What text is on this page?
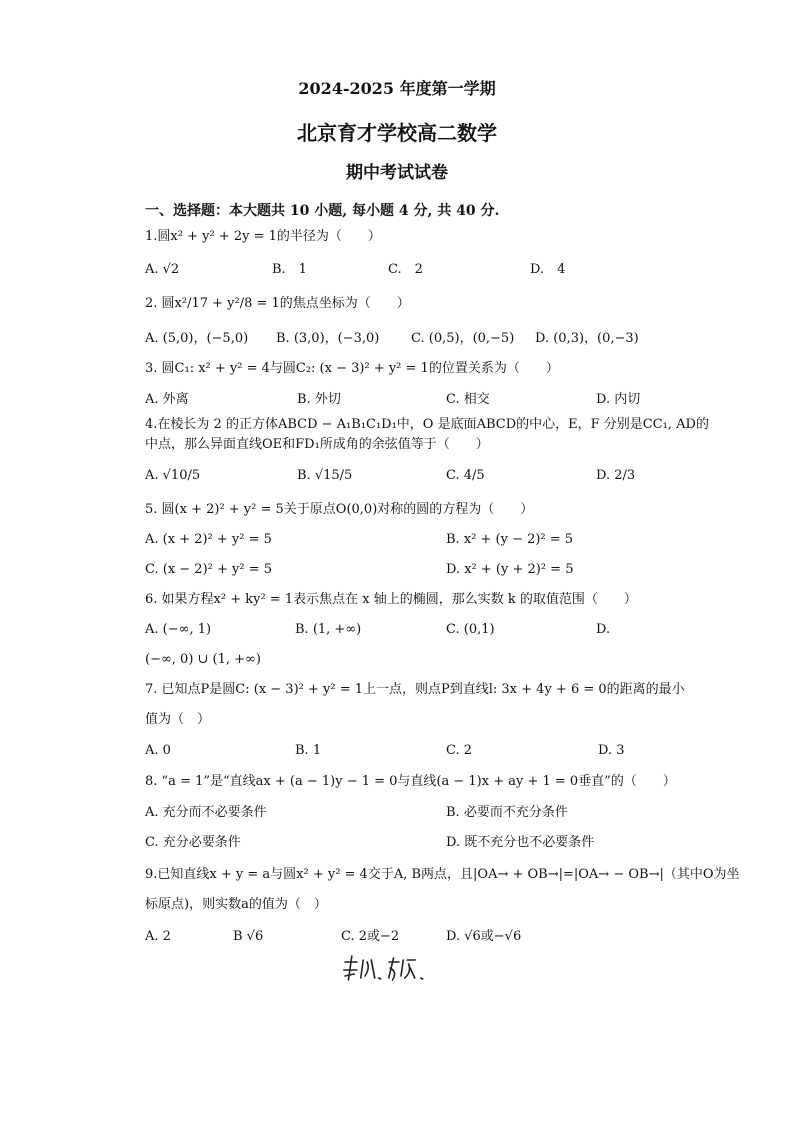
2024-2025 年度第一学期
北京育才学校高二数学
期中考试试卷
一、选择题：本大题共 10 小题, 每小题 4 分, 共 40 分.
1.圆x² + y² + 2y = 1的半径为（　　）
A. √2	B.　1	C.　2	D.　4
2. 圆x²/17 + y²/8 = 1的焦点坐标为（　　）
A. (5,0)，(−5,0) B. (3,0)，(−3,0) C. (0,5)，(0,−5) D. (0,3)，(0,−3)
3. 圆C₁: x² + y² = 4与圆C₂: (x − 3)² + y² = 1的位置关系为（　　）
A. 外离	B. 外切	C. 相交	D. 内切
4.在棱长为 2 的正方体ABCD − A₁B₁C₁D₁中，O 是底面ABCD的中心，E，F 分别是CC₁, AD的
中点，那么异面直线OE和FD₁所成角的余弦值等于（　　）
A. √10/5	B. √15/5	C. 4/5	D. 2/3
5. 圆(x + 2)² + y² = 5关于原点O(0,0)对称的圆的方程为（　　）
A. (x + 2)² + y² = 5	B. x² + (y − 2)² = 5
C. (x − 2)² + y² = 5	D. x² + (y + 2)² = 5
6. 如果方程x² + ky² = 1表示焦点在 x 轴上的椭圆，那么实数 k 的取值范围（　　）
A. (−∞, 1)	B. (1, +∞)	C. (0,1)	D.
(−∞, 0) ∪ (1, +∞)
7. 已知点P是圆C: (x − 3)² + y² = 1上一点，则点P到直线l: 3x + 4y + 6 = 0的距离的最小
值为（　）
A. 0	B. 1	C. 2	D. 3
8. “a = 1”是“直线ax + (a − 1)y − 1 = 0与直线(a − 1)x + ay + 1 = 0垂直”的（　　）
A. 充分而不必要条件	B. 必要而不充分条件
C. 充分必要条件	D. 既不充分也不必要条件
9.已知直线x + y = a与圆x² + y² = 4交于A, B两点，且|OA→ + OB→|=|OA→ − OB→|（其中O为坐
标原点)，则实数a的值为（　）
A. 2	B √6	C. 2或−2	D. √6或−√6
